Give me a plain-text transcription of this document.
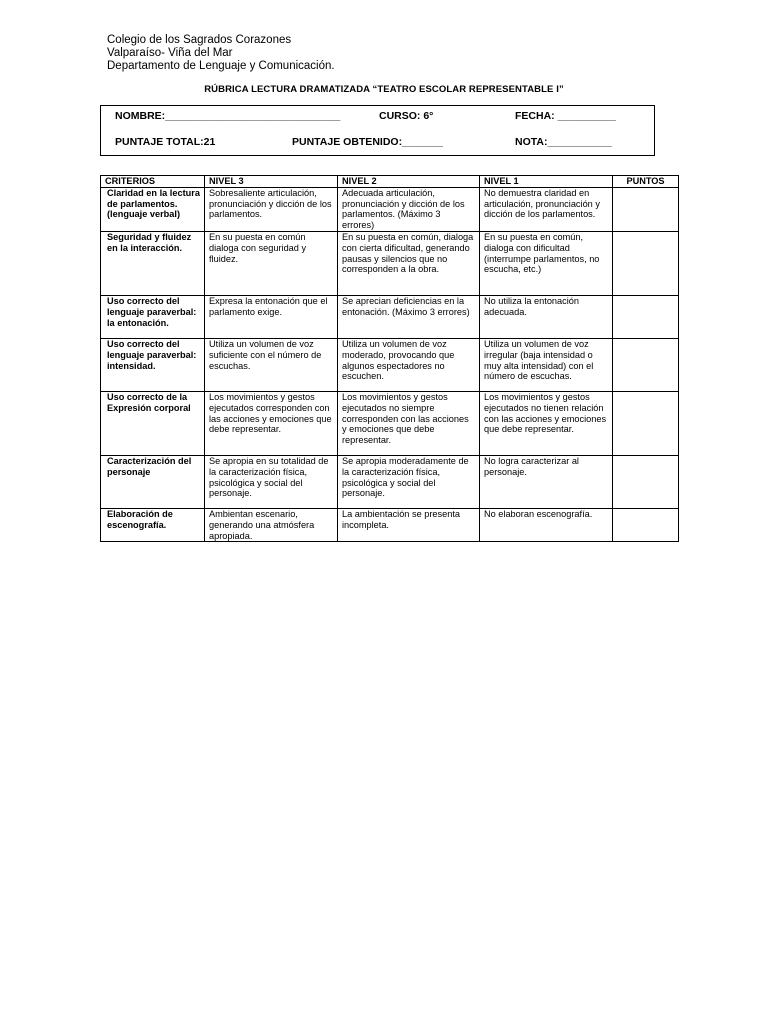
Colegio de los Sagrados Corazones
Valparaíso- Viña del Mar
Departamento de Lenguaje y Comunicación.
RÚBRICA LECTURA DRAMATIZADA “TEATRO ESCOLAR REPRESENTABLE I”
NOMBRE:______________________________	CURSO: 6°	FECHA: __________
PUNTAJE TOTAL:21	PUNTAJE OBTENIDO:_______	NOTA:___________
CRITERIOS	NIVEL 3	NIVEL 2	NIVEL 1	PUNTOS
Claridad en la lectura de parlamentos. (lenguaje verbal)	Sobresaliente articulación, pronunciación y dicción de los parlamentos.	Adecuada articulación, pronunciación y dicción de los parlamentos. (Máximo 3 errores)	No demuestra claridad en articulación, pronunciación y dicción de los parlamentos.	
Seguridad y fluidez en la interacción.	En su puesta en común dialoga con seguridad y fluidez.	En su puesta en común, dialoga con cierta dificultad, generando pausas y silencios que no corresponden a la obra.	En su puesta en común, dialoga con dificultad (interrumpe parlamentos, no escucha, etc.)	
Uso correcto del lenguaje paraverbal: la entonación.	Expresa la entonación que el parlamento exige.	Se aprecian deficiencias en la entonación. (Máximo 3 errores)	No utiliza la entonación adecuada.	
Uso correcto del lenguaje paraverbal: intensidad.	Utiliza un volumen de voz suficiente con el número de escuchas.	Utiliza un volumen de voz moderado, provocando que algunos espectadores no escuchen.	Utiliza un volumen de voz irregular (baja intensidad o muy alta intensidad) con el número de escuchas.	
Uso correcto de la Expresión corporal	Los movimientos y gestos ejecutados corresponden con las acciones y emociones que debe representar.	Los movimientos y gestos ejecutados no siempre corresponden con las acciones y emociones que debe representar.	Los movimientos y gestos ejecutados no tienen relación con las acciones y emociones que debe representar.	
Caracterización del personaje	Se apropia en su totalidad de la caracterización física, psicológica y social del personaje.	Se apropia moderadamente de la caracterización física, psicológica y social del personaje.	No logra caracterizar al personaje.	
Elaboración de escenografía.	Ambientan escenario, generando una atmósfera apropiada.	La ambientación se presenta incompleta.	No elaboran escenografía.	
